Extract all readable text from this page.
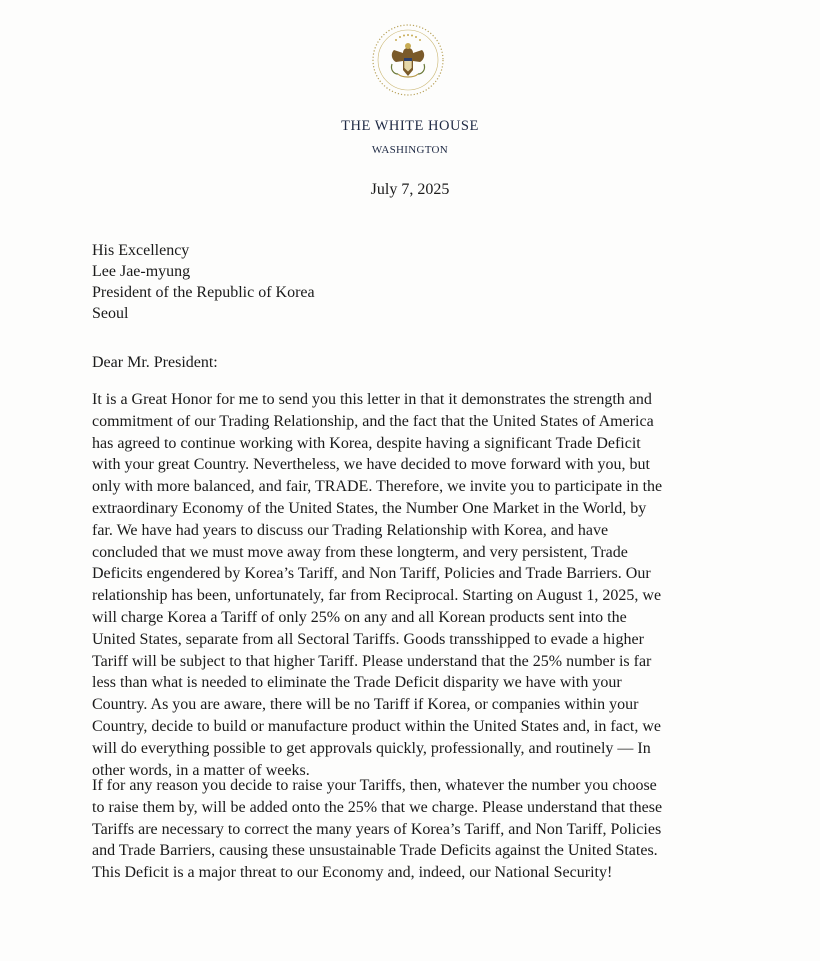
THE WHITE HOUSE
WASHINGTON
July 7, 2025
His Excellency
Lee Jae-myung
President of the Republic of Korea
Seoul
Dear Mr. President:
It is a Great Honor for me to send you this letter in that it demonstrates the strength and
commitment of our Trading Relationship, and the fact that the United States of America
has agreed to continue working with Korea, despite having a significant Trade Deficit
with your great Country. Nevertheless, we have decided to move forward with you, but
only with more balanced, and fair, TRADE. Therefore, we invite you to participate in the
extraordinary Economy of the United States, the Number One Market in the World, by
far. We have had years to discuss our Trading Relationship with Korea, and have
concluded that we must move away from these longterm, and very persistent, Trade
Deficits engendered by Korea’s Tariff, and Non Tariff, Policies and Trade Barriers. Our
relationship has been, unfortunately, far from Reciprocal. Starting on August 1, 2025, we
will charge Korea a Tariff of only 25% on any and all Korean products sent into the
United States, separate from all Sectoral Tariffs. Goods transshipped to evade a higher
Tariff will be subject to that higher Tariff. Please understand that the 25% number is far
less than what is needed to eliminate the Trade Deficit disparity we have with your
Country. As you are aware, there will be no Tariff if Korea, or companies within your
Country, decide to build or manufacture product within the United States and, in fact, we
will do everything possible to get approvals quickly, professionally, and routinely — In
other words, in a matter of weeks.
If for any reason you decide to raise your Tariffs, then, whatever the number you choose
to raise them by, will be added onto the 25% that we charge. Please understand that these
Tariffs are necessary to correct the many years of Korea’s Tariff, and Non Tariff, Policies
and Trade Barriers, causing these unsustainable Trade Deficits against the United States.
This Deficit is a major threat to our Economy and, indeed, our National Security!
